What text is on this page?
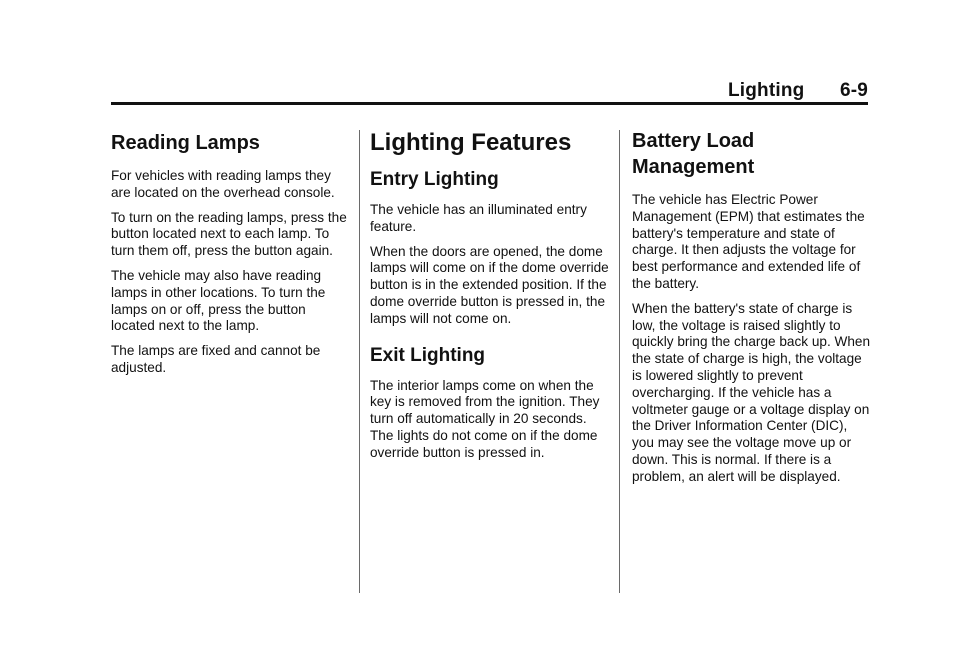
Lighting 6-9
Reading Lamps

For vehicles with reading lamps they are located on the overhead console.

To turn on the reading lamps, press the button located next to each lamp. To turn them off, press the button again.

The vehicle may also have reading lamps in other locations. To turn the lamps on or off, press the button located next to the lamp.

The lamps are fixed and cannot be adjusted.

Lighting Features
Entry Lighting

The vehicle has an illuminated entry feature.

When the doors are opened, the dome lamps will come on if the dome override button is in the extended position. If the dome override button is pressed in, the lamps will not come on.

Exit Lighting

The interior lamps come on when the key is removed from the ignition. They turn off automatically in 20 seconds. The lights do not come on if the dome override button is pressed in.

Battery Load Management

The vehicle has Electric Power Management (EPM) that estimates the battery's temperature and state of charge. It then adjusts the voltage for best performance and extended life of the battery.

When the battery's state of charge is low, the voltage is raised slightly to quickly bring the charge back up. When the state of charge is high, the voltage is lowered slightly to prevent overcharging. If the vehicle has a voltmeter gauge or a voltage display on the Driver Information Center (DIC), you may see the voltage move up or down. This is normal. If there is a problem, an alert will be displayed.
